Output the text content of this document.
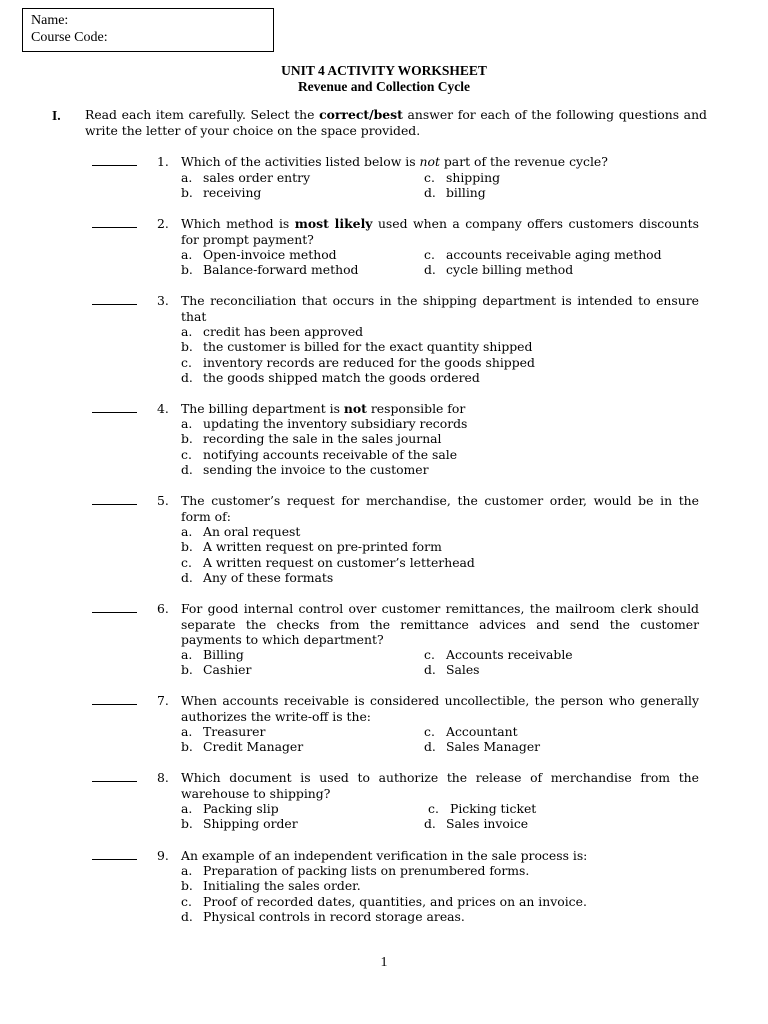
Name:
Course Code:
UNIT 4 ACTIVITY WORKSHEET
Revenue and Collection Cycle
I. Read each item carefully. Select the correct/best answer for each of the following questions and write the letter of your choice on the space provided.
1. Which of the activities listed below is not part of the revenue cycle?
a. sales order entry	c. shipping
b. receiving	d. billing
2. Which method is most likely used when a company offers customers discounts for prompt payment?
a. Open-invoice method	c. accounts receivable aging method
b. Balance-forward method	d. cycle billing method
3. The reconciliation that occurs in the shipping department is intended to ensure that
a. credit has been approved
b. the customer is billed for the exact quantity shipped
c. inventory records are reduced for the goods shipped
d. the goods shipped match the goods ordered
4. The billing department is not responsible for
a. updating the inventory subsidiary records
b. recording the sale in the sales journal
c. notifying accounts receivable of the sale
d. sending the invoice to the customer
5. The customer’s request for merchandise, the customer order, would be in the form of:
a. An oral request
b. A written request on pre-printed form
c. A written request on customer’s letterhead
d. Any of these formats
6. For good internal control over customer remittances, the mailroom clerk should separate the checks from the remittance advices and send the customer payments to which department?
a. Billing	c. Accounts receivable
b. Cashier	d. Sales
7. When accounts receivable is considered uncollectible, the person who generally authorizes the write-off is the:
a. Treasurer	c. Accountant
b. Credit Manager	d. Sales Manager
8. Which document is used to authorize the release of merchandise from the warehouse to shipping?
a. Packing slip	c. Picking ticket
b. Shipping order	d. Sales invoice
9. An example of an independent verification in the sale process is:
a. Preparation of packing lists on prenumbered forms.
b. Initialing the sales order.
c. Proof of recorded dates, quantities, and prices on an invoice.
d. Physical controls in record storage areas.
1
